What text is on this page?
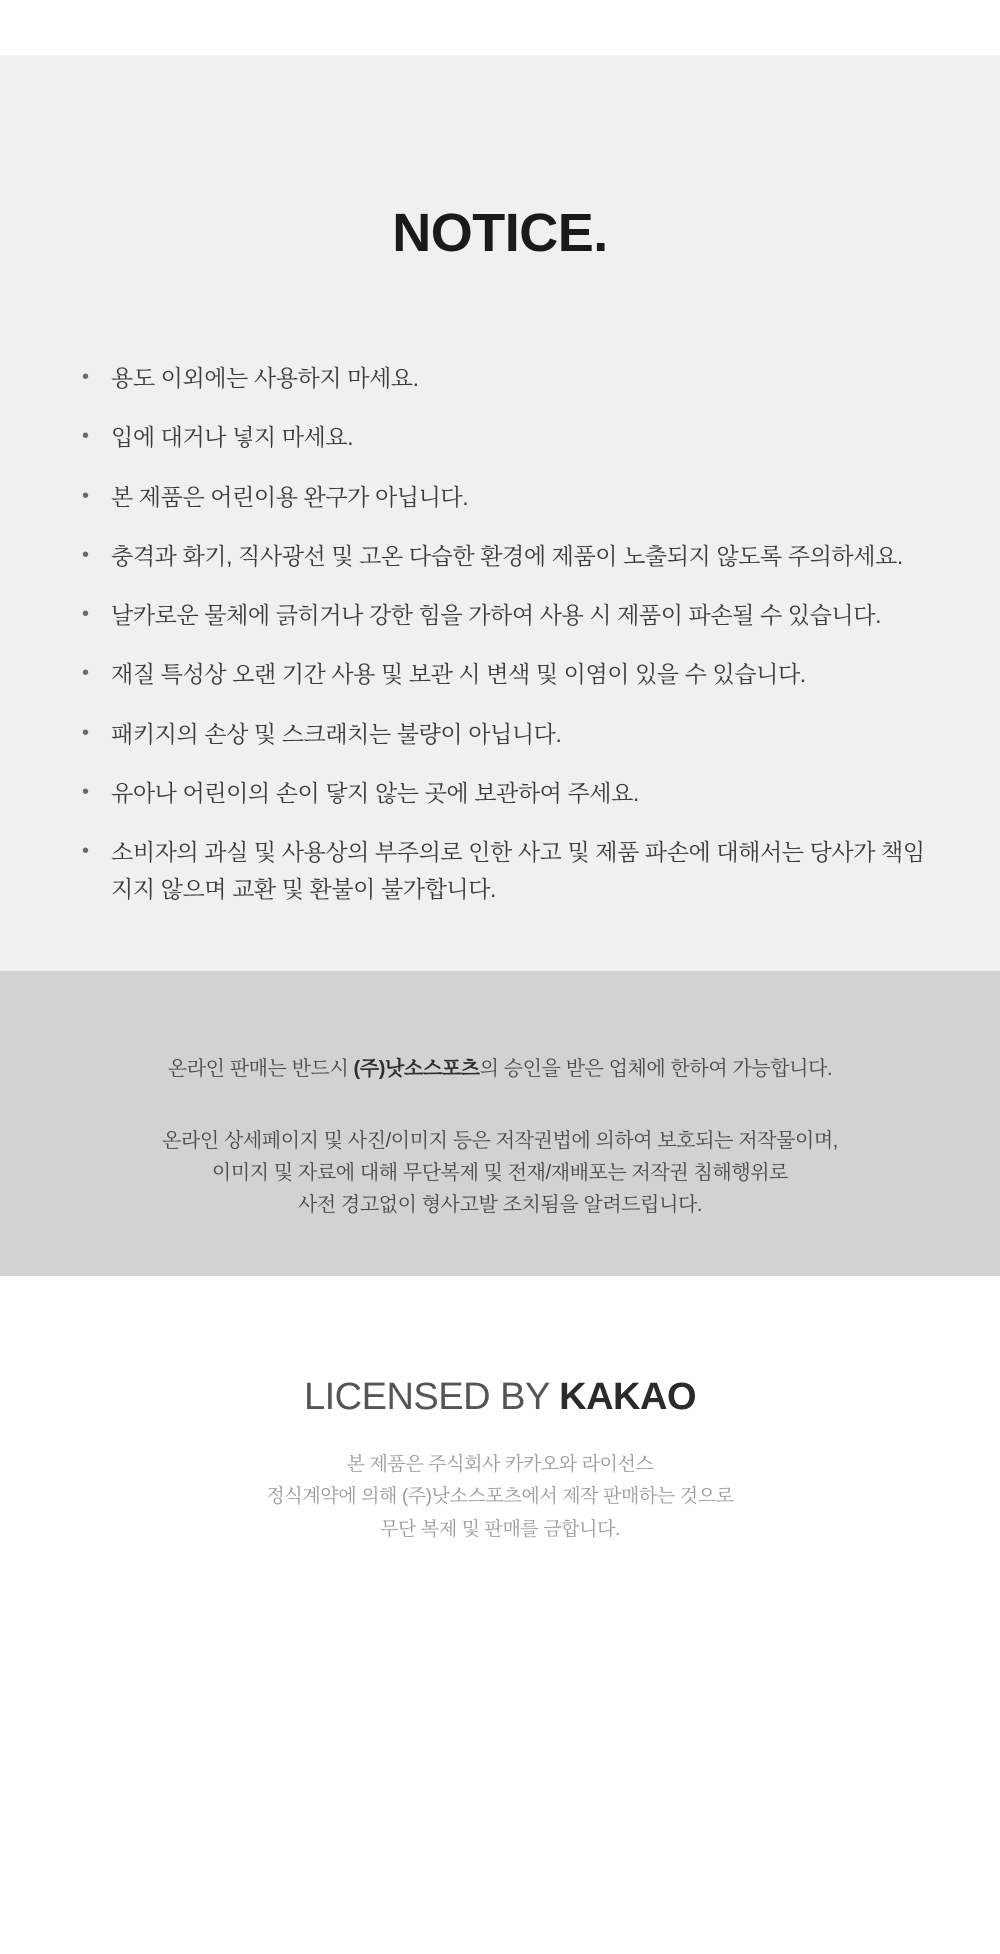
NOTICE.
• 용도 이외에는 사용하지 마세요.
• 입에 대거나 넣지 마세요.
• 본 제품은 어린이용 완구가 아닙니다.
• 충격과 화기, 직사광선 및 고온 다습한 환경에 제품이 노출되지 않도록 주의하세요.
• 날카로운 물체에 긁히거나 강한 힘을 가하여 사용 시 제품이 파손될 수 있습니다.
• 재질 특성상 오랜 기간 사용 및 보관 시 변색 및 이염이 있을 수 있습니다.
• 패키지의 손상 및 스크래치는 불량이 아닙니다.
• 유아나 어린이의 손이 닿지 않는 곳에 보관하여 주세요.
• 소비자의 과실 및 사용상의 부주의로 인한 사고 및 제품 파손에 대해서는 당사가 책임지지 않으며 교환 및 환불이 불가합니다.

온라인 판매는 반드시 (주)낫소스포츠의 승인을 받은 업체에 한하여 가능합니다.

온라인 상세페이지 및 사진/이미지 등은 저작권법에 의하여 보호되는 저작물이며,
이미지 및 자료에 대해 무단복제 및 전재/재배포는 저작권 침해행위로
사전 경고없이 형사고발 조치됨을 알려드립니다.

LICENSED BY KAKAO

본 제품은 주식회사 카카오와 라이선스
정식계약에 의해 (주)낫소스포츠에서 제작 판매하는 것으로
무단 복제 및 판매를 금합니다.
